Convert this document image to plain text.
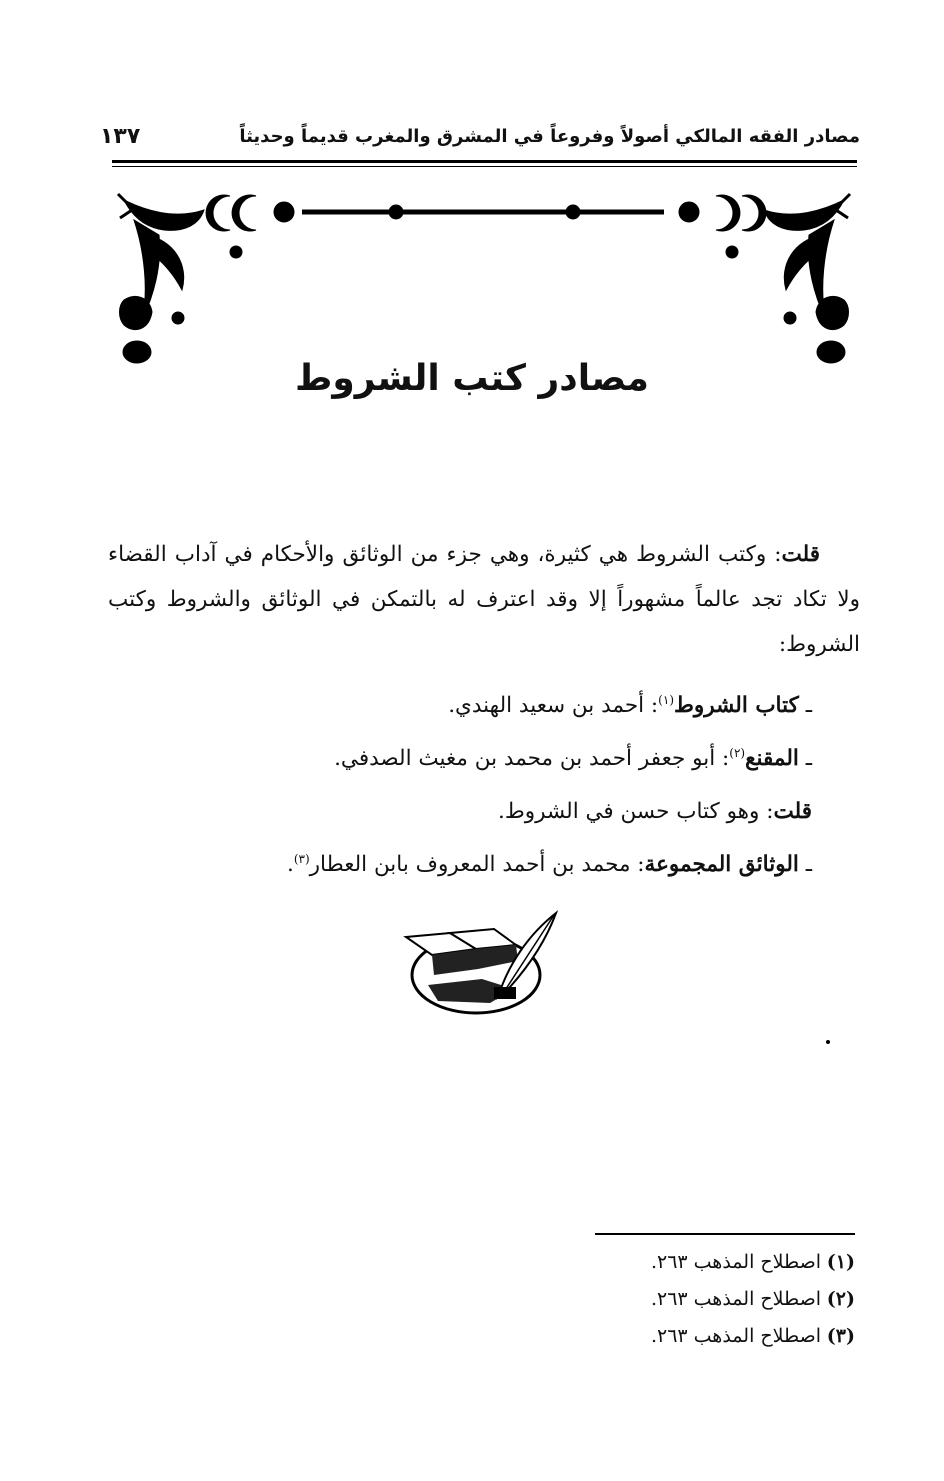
مصادر الفقه المالكي أصولاً وفروعاً في المشرق والمغرب قديماً وحديثاً
١٣٧
مصادر كتب الشروط

قلت: وكتب الشروط هي كثيرة، وهي جزء من الوثائق والأحكام في آداب القضاء ولا تكاد تجد عالماً مشهوراً إلا وقد اعترف له بالتمكن في الوثائق والشروط وكتب الشروط:

ـ كتاب الشروط$^{(١)}$: أحمد بن سعيد الهندي.

ـ المقنع$^{(٢)}$: أبو جعفر أحمد بن محمد بن مغيث الصدفي.

قلت: وهو كتاب حسن في الشروط.

ـ الوثائق المجموعة: محمد بن أحمد المعروف بابن العطار$^{(٣)}$.

(١)اصطلاح المذهب ٢٦٣.
(٢)اصطلاح المذهب ٢٦٣.
(٣)اصطلاح المذهب ٢٦٣.
